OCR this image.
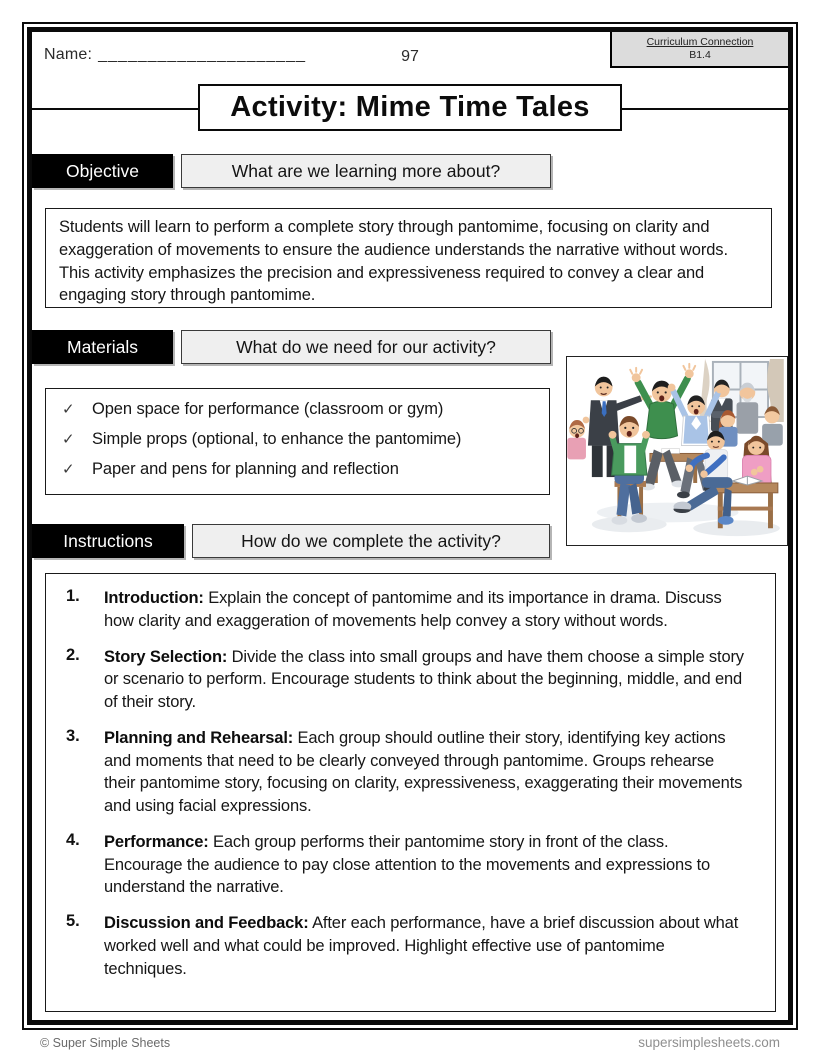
Name: _____________________	97
Curriculum Connection
B1.4
Activity: Mime Time Tales
Objective	What are we learning more about?
Students will learn to perform a complete story through pantomime, focusing on clarity and exaggeration of movements to ensure the audience understands the narrative without words. This activity emphasizes the precision and expressiveness required to convey a clear and engaging story through pantomime.
Materials	What do we need for our activity?
✓	Open space for performance (classroom or gym)
✓	Simple props (optional, to enhance the pantomime)
✓	Paper and pens for planning and reflection
Instructions	How do we complete the activity?
1.	Introduction: Explain the concept of pantomime and its importance in drama. Discuss how clarity and exaggeration of movements help convey a story without words.
2.	Story Selection: Divide the class into small groups and have them choose a simple story or scenario to perform. Encourage students to think about the beginning, middle, and end of their story.
3.	Planning and Rehearsal: Each group should outline their story, identifying key actions and moments that need to be clearly conveyed through pantomime. Groups rehearse their pantomime story, focusing on clarity, expressiveness, exaggerating their movements and using facial expressions.
4.	Performance: Each group performs their pantomime story in front of the class. Encourage the audience to pay close attention to the movements and expressions to understand the narrative.
5.	Discussion and Feedback: After each performance, have a brief discussion about what worked well and what could be improved. Highlight effective use of pantomime techniques.
© Super Simple Sheets	supersimplesheets.com
